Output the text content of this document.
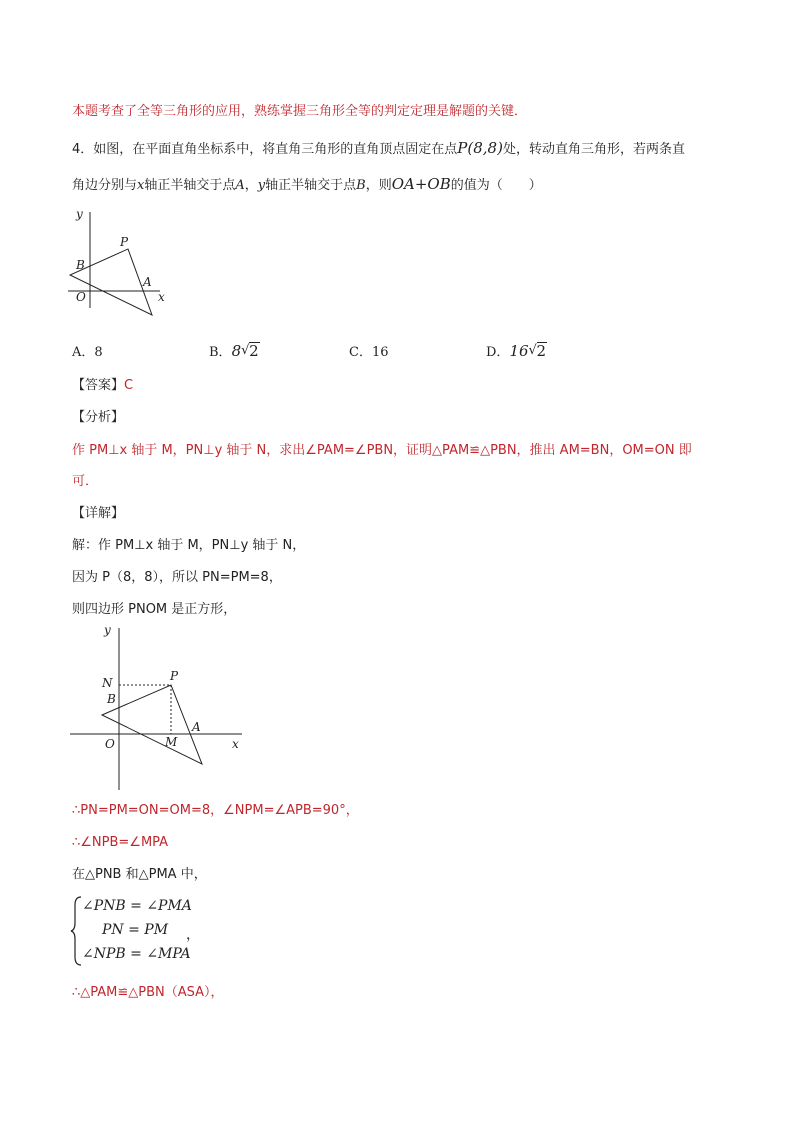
本题考查了全等三角形的应用，熟练掌握三角形全等的判定定理是解题的关键．
4．如图，在平面直角坐标系中，将直角三角形的直角顶点固定在点P(8,8)处，转动直角三角形，若两条直
角边分别与x轴正半轴交于点A，y轴正半轴交于点B，则OA+OB的值为（　　）
y
P
B
A
O	x
A．8	B．8 √ 2	C．16	D．16 √ 2
【答案】C
【分析】
作 PM⊥x 轴于 M，PN⊥y 轴于 N，求出∠PAM=∠PBN，证明△PAM≌△PBN，推出 AM=BN，OM=ON 即
可．
【详解】
解：作 PM⊥x 轴于 M，PN⊥y 轴于 N，
因为 P（8，8），所以 PN=PM=8，
则四边形 PNOM 是正方形，
y
N	P
B
A
O	M	x
∴PN=PM=ON=OM=8，∠NPM=∠APB=90°，
∴∠NPB=∠MPA
在△PNB 和△PMA 中，
∠PNB = ∠PMA
PN = PM ，
∠NPB = ∠MPA
∴△PAM≌△PBN（ASA），
